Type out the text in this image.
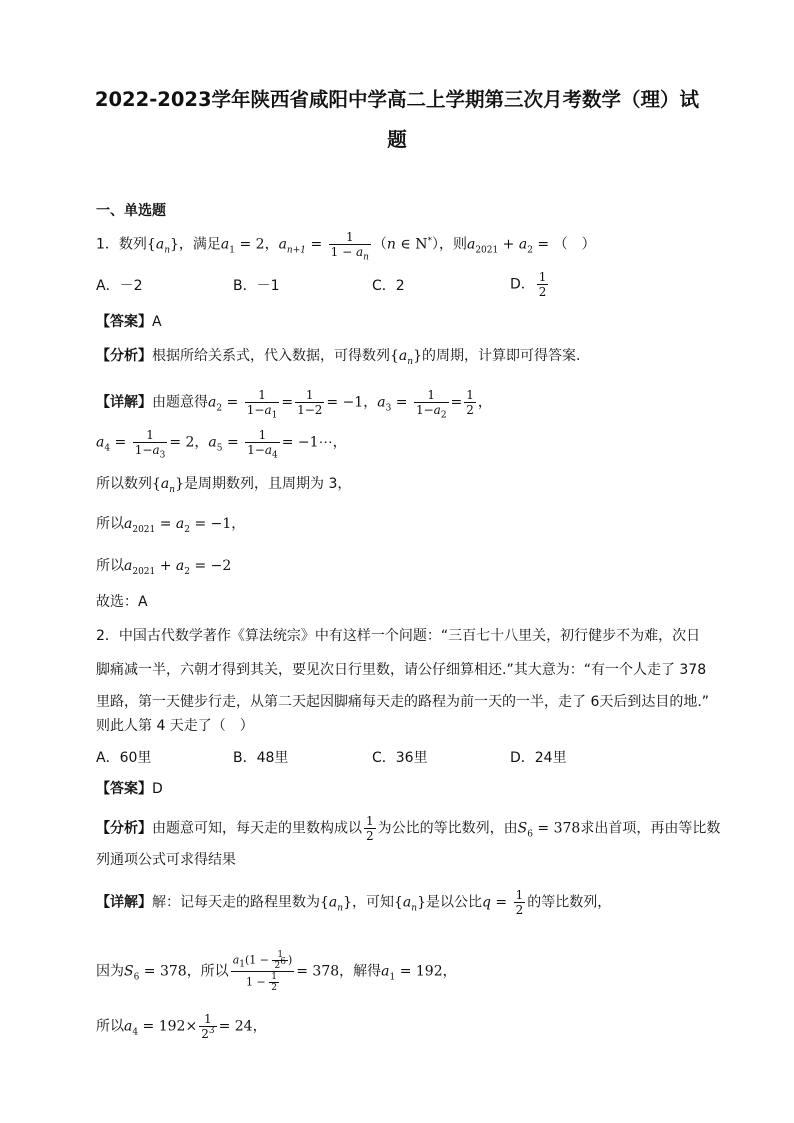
2022-2023学年陕西省咸阳中学高二上学期第三次月考数学（理）试
题
一、单选题
1．数列$\{a_n\}$，满足$a_1 = 2$，$a_{n+1} = \frac{1}{1 - a_n} (n$ ∈ N*），则$a_{2021} + a_2$ = （　）
A．－2	B．－1	C．2	D． $\frac{1}{2}$
【答案】A
【分析】根据所给关系式，代入数据，可得数列$\{a_n\}$的周期，计算即可得答案.
【详解】由题意得$a_2 = \frac{1}{1-a_1} = \frac{1}{1-2} = -1$，$a_3 = \frac{1}{1-a_2} = \frac{1}{2}$ ，
$a_4 = \frac{1}{1-a_3} = 2$，$a_5 = \frac{1}{1-a_4}$ = −1⋯，
所以数列$\{a_n\}$是周期数列，且周期为 3，
所以$a_{2021} = a_2 = -1$，
所以$a_{2021} + a_2 = -2$
故选：A
2．中国古代数学著作《算法统宗》中有这样一个问题：“三百七十八里关，初行健步不为难，次日
脚痛减一半，六朝才得到其关，要见次日行里数，请公仔细算相还.”其大意为：“有一个人走了 378
里路，第一天健步行走，从第二天起因脚痛每天走的路程为前一天的一半，走了 6天后到达目的地.”
则此人第 4 天走了（　）
A．60里	B．48里	C．36里	D．24里
【答案】D
【分析】由题意可知，每天走的里数构成以 $\frac{1}{2}$ 为公比的等比数列，由$S_6 = 378$求出首项，再由等比数
列通项公式可求得结果
【详解】解：记每天走的路程里数为$\{a_n\}$，可知$\{a_n\}$是以公比$q = \frac{1}{2}$ 的等比数列，
因为$S_6 = 378$，所以 $\frac{a_1(1 - \frac{1}{2^6} )}{1 - \frac{1}{2}} = 378$，解得$a_1 = 192$，
所以$a_4 = 192\times \frac{1}{2^3} = 24$，
